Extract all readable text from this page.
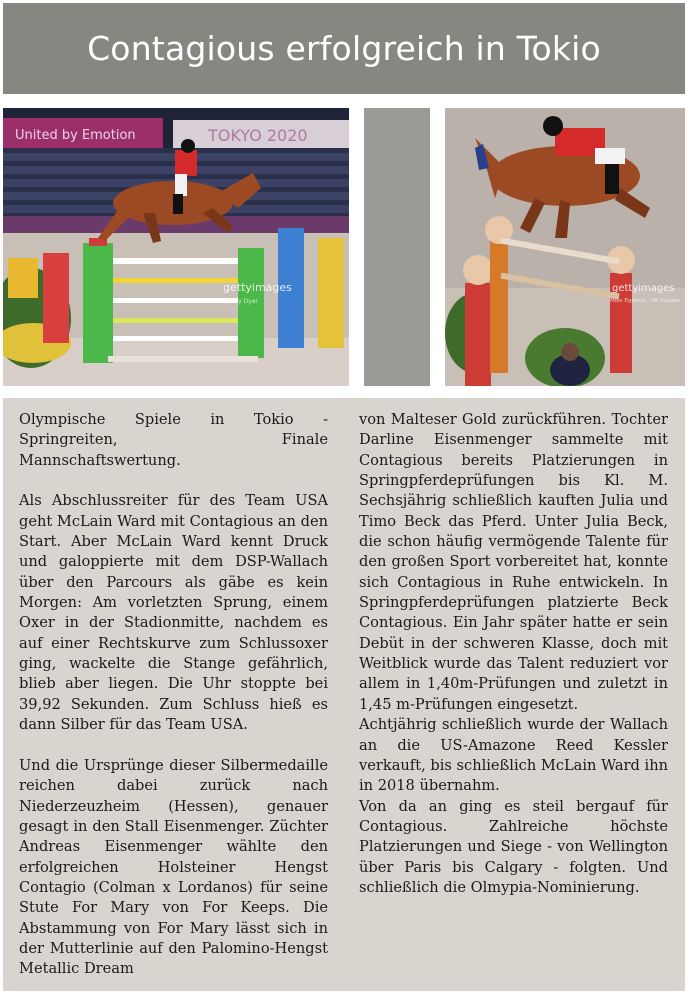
Contagious erfolgreich in Tokio
United by Emotion	TOKYO 2020
gettyimages
Jenny Dyer
gettyimages
Mike Egerton · PA Images

Olympische Spiele in Tokio - Springreiten, Finale Mannschaftswertung.

Als Abschlussreiter für des Team USA geht McLain Ward mit Contagious an den Start. Aber McLain Ward kennt Druck und galoppierte mit dem DSP-Wallach über den Parcours als gäbe es kein Morgen: Am vorletzten Sprung, einem Oxer in der Stadionmitte, nachdem es auf einer Rechtskurve zum Schlussoxer ging, wackelte die Stange gefährlich, blieb aber liegen. Die Uhr stoppte bei 39,92 Sekunden. Zum Schluss hieß es dann Silber für das Team USA.

Und die Ursprünge dieser Silbermedaille reichen dabei zurück nach Niederzeuzheim (Hessen), genauer gesagt in den Stall Eisenmenger. Züchter Andreas Eisenmenger wählte den erfolgreichen Holsteiner Hengst Contagio (Colman x Lordanos) für seine Stute For Mary von For Keeps. Die Abstammung von For Mary lässt sich in der Mutterlinie auf den Palomino-Hengst Metallic Dream

von Malteser Gold zurückführen. Tochter Darline Eisenmenger sammelte mit Contagious bereits Platzierungen in Springpferdeprüfungen bis Kl. M. Sechsjährig schließlich kauften Julia und Timo Beck das Pferd. Unter Julia Beck, die schon häufig vermögende Talente für den großen Sport vorbereitet hat, konnte sich Contagious in Ruhe entwickeln. In Springpferdeprüfungen platzierte Beck Contagious. Ein Jahr später hatte er sein Debüt in der schweren Klasse, doch mit Weitblick wurde das Talent reduziert vor allem in 1,40m-Prüfungen und zuletzt in 1,45 m-Prüfungen eingesetzt.

Achtjährig schließlich wurde der Wallach an die US-Amazone Reed Kessler verkauft, bis schließlich McLain Ward ihn in 2018 übernahm.

Von da an ging es steil bergauf für Contagious. Zahlreiche höchste Platzierungen und Siege - von Wellington über Paris bis Calgary - folgten. Und schließlich die Olmypia-Nominierung.
